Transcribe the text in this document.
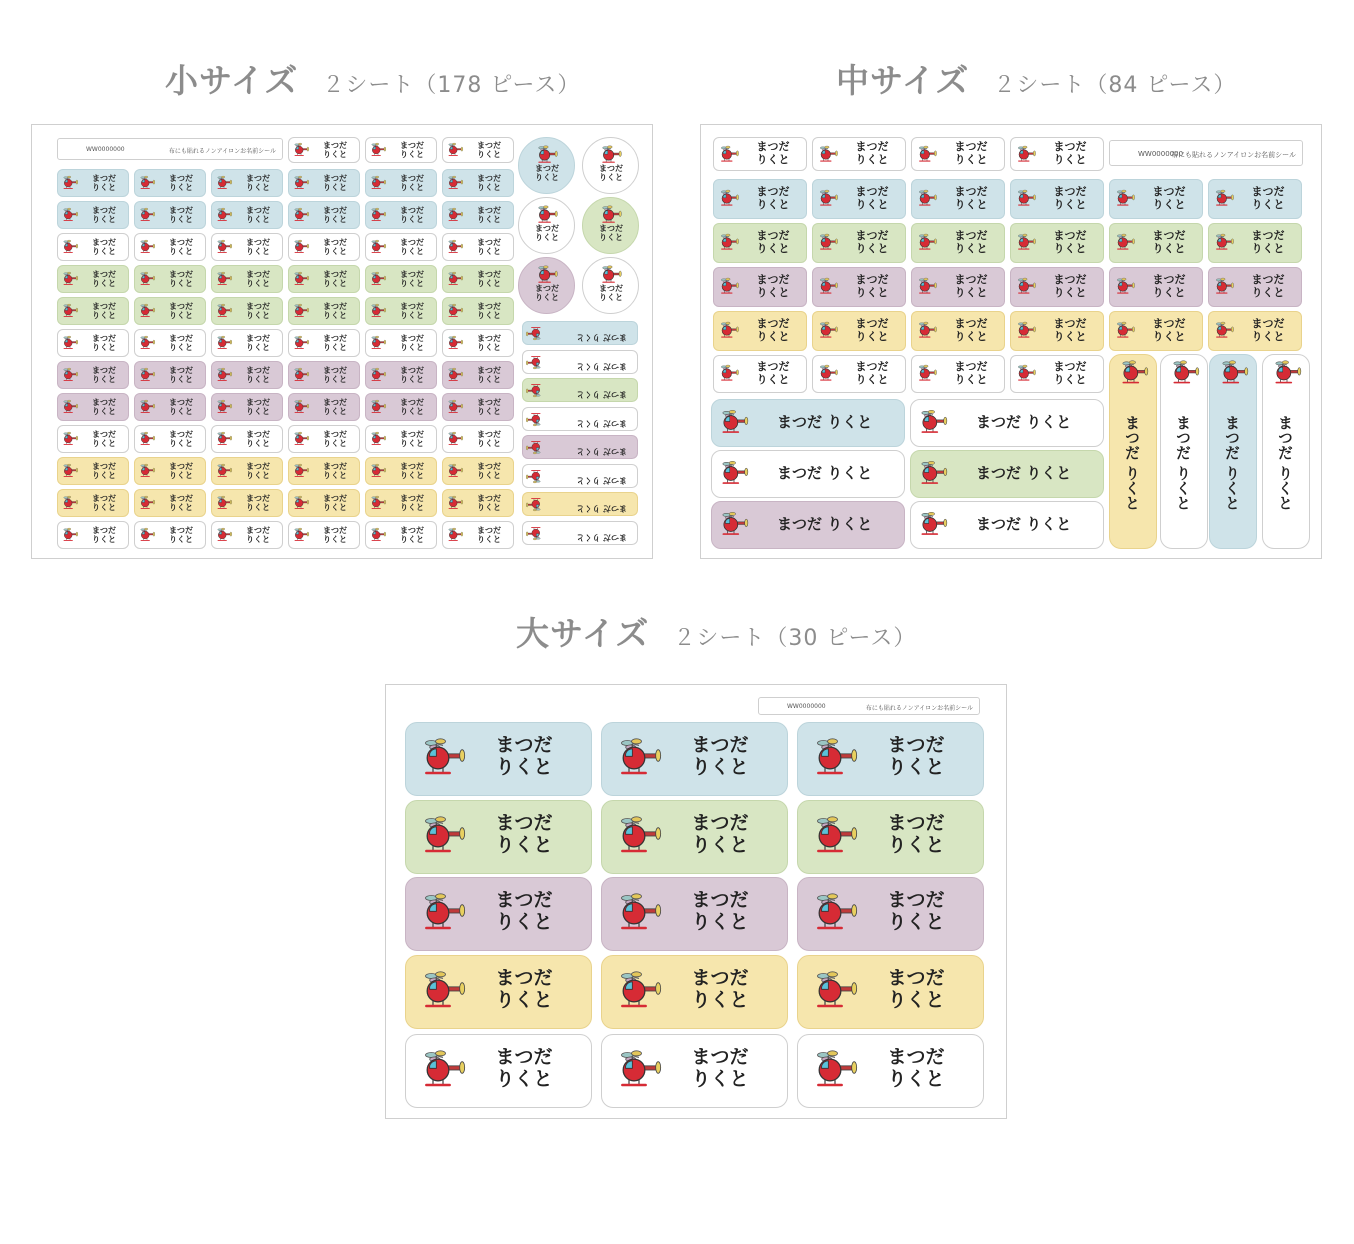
小サイズ ２シート（178 ピース）	中サイズ ２シート（84 ピース）
大サイズ ２シート（30 ピース）
WW0000000	布にも貼れるノンアイロンお名前シール
まつだ
りくと
まつだ
りくと
まつだ
りくと
まつだ
りくと
まつだ
りくと
まつだ
りくと
まつだ
りくと
まつだ
りくと
まつだ
りくと
まつだ
りくと
まつだ
りくと
まつだ
りくと
まつだ
りくと
まつだ
りくと
まつだ
りくと
まつだ
りくと
まつだ
りくと
まつだ
りくと
まつだ
りくと
まつだ
りくと
まつだ
りくと
まつだ
りくと
まつだ
りくと
まつだ
りくと
まつだ
りくと
まつだ
りくと
まつだ
りくと
まつだ
りくと
まつだ
りくと
まつだ
りくと
まつだ
りくと
まつだ
りくと
まつだ
りくと
まつだ
りくと
まつだ
りくと
まつだ
りくと
まつだ
りくと
まつだ
りくと
まつだ
りくと
まつだ
りくと
まつだ
りくと
まつだ
りくと
まつだ
りくと
まつだ
りくと
まつだ
りくと
まつだ
りくと
まつだ
りくと
まつだ
りくと
まつだ
りくと
まつだ
りくと
まつだ
りくと
まつだ
りくと
まつだ
りくと
まつだ
りくと
まつだ
りくと
まつだ
りくと
まつだ
りくと
まつだ
りくと
まつだ
りくと
まつだ
りくと
まつだ
りくと
まつだ
りくと
まつだ
りくと
まつだ
りくと
まつだ
りくと
まつだ
りくと
まつだ
りくと
まつだ
りくと
まつだ
りくと
まつだ
りくと
まつだ
りくと
まつだ
りくと
まつだ
りくと
まつだ
りくと
まつだ
りくと
まつだ
りくと
まつだ
りくと
まつだ
りくと
まつだ
りくと
まつだ
りくと
まつだ
りくと
まつだ りくと
まつだ りくと
まつだ りくと
まつだ りくと
まつだ りくと
まつだ りくと
まつだ りくと
まつだ りくと
まつだ
りくと
まつだ
りくと
まつだ
りくと
まつだ
りくと	WW0000000
布にも貼れるノンアイロンお名前シール
まつだ
りくと
まつだ
りくと
まつだ
りくと
まつだ
りくと
まつだ
りくと
まつだ
りくと
まつだ
りくと
まつだ
りくと
まつだ
りくと
まつだ
りくと
まつだ
りくと
まつだ
りくと
まつだ
りくと
まつだ
りくと
まつだ
りくと
まつだ
りくと
まつだ
りくと
まつだ
りくと
まつだ
りくと
まつだ
りくと
まつだ
りくと
まつだ
りくと
まつだ
りくと
まつだ
りくと
まつだ
りくと
まつだ
りくと
まつだ
りくと
まつだ
りくと
まつだ りくと	まつだ りくと
まつだ りくと	まつだ りくと
まつだ りくと	まつだ りくと
まつだ りくと まつだ りくと まつだ りくと まつだ りくと
WW0000000	布にも貼れるノンアイロンお名前シール
まつだ
りくと
まつだ
りくと
まつだ
りくと
まつだ
りくと
まつだ
りくと
まつだ
りくと
まつだ
りくと
まつだ
りくと
まつだ
りくと
まつだ
りくと
まつだ
りくと
まつだ
りくと
まつだ
りくと
まつだ
りくと
まつだ
りくと
